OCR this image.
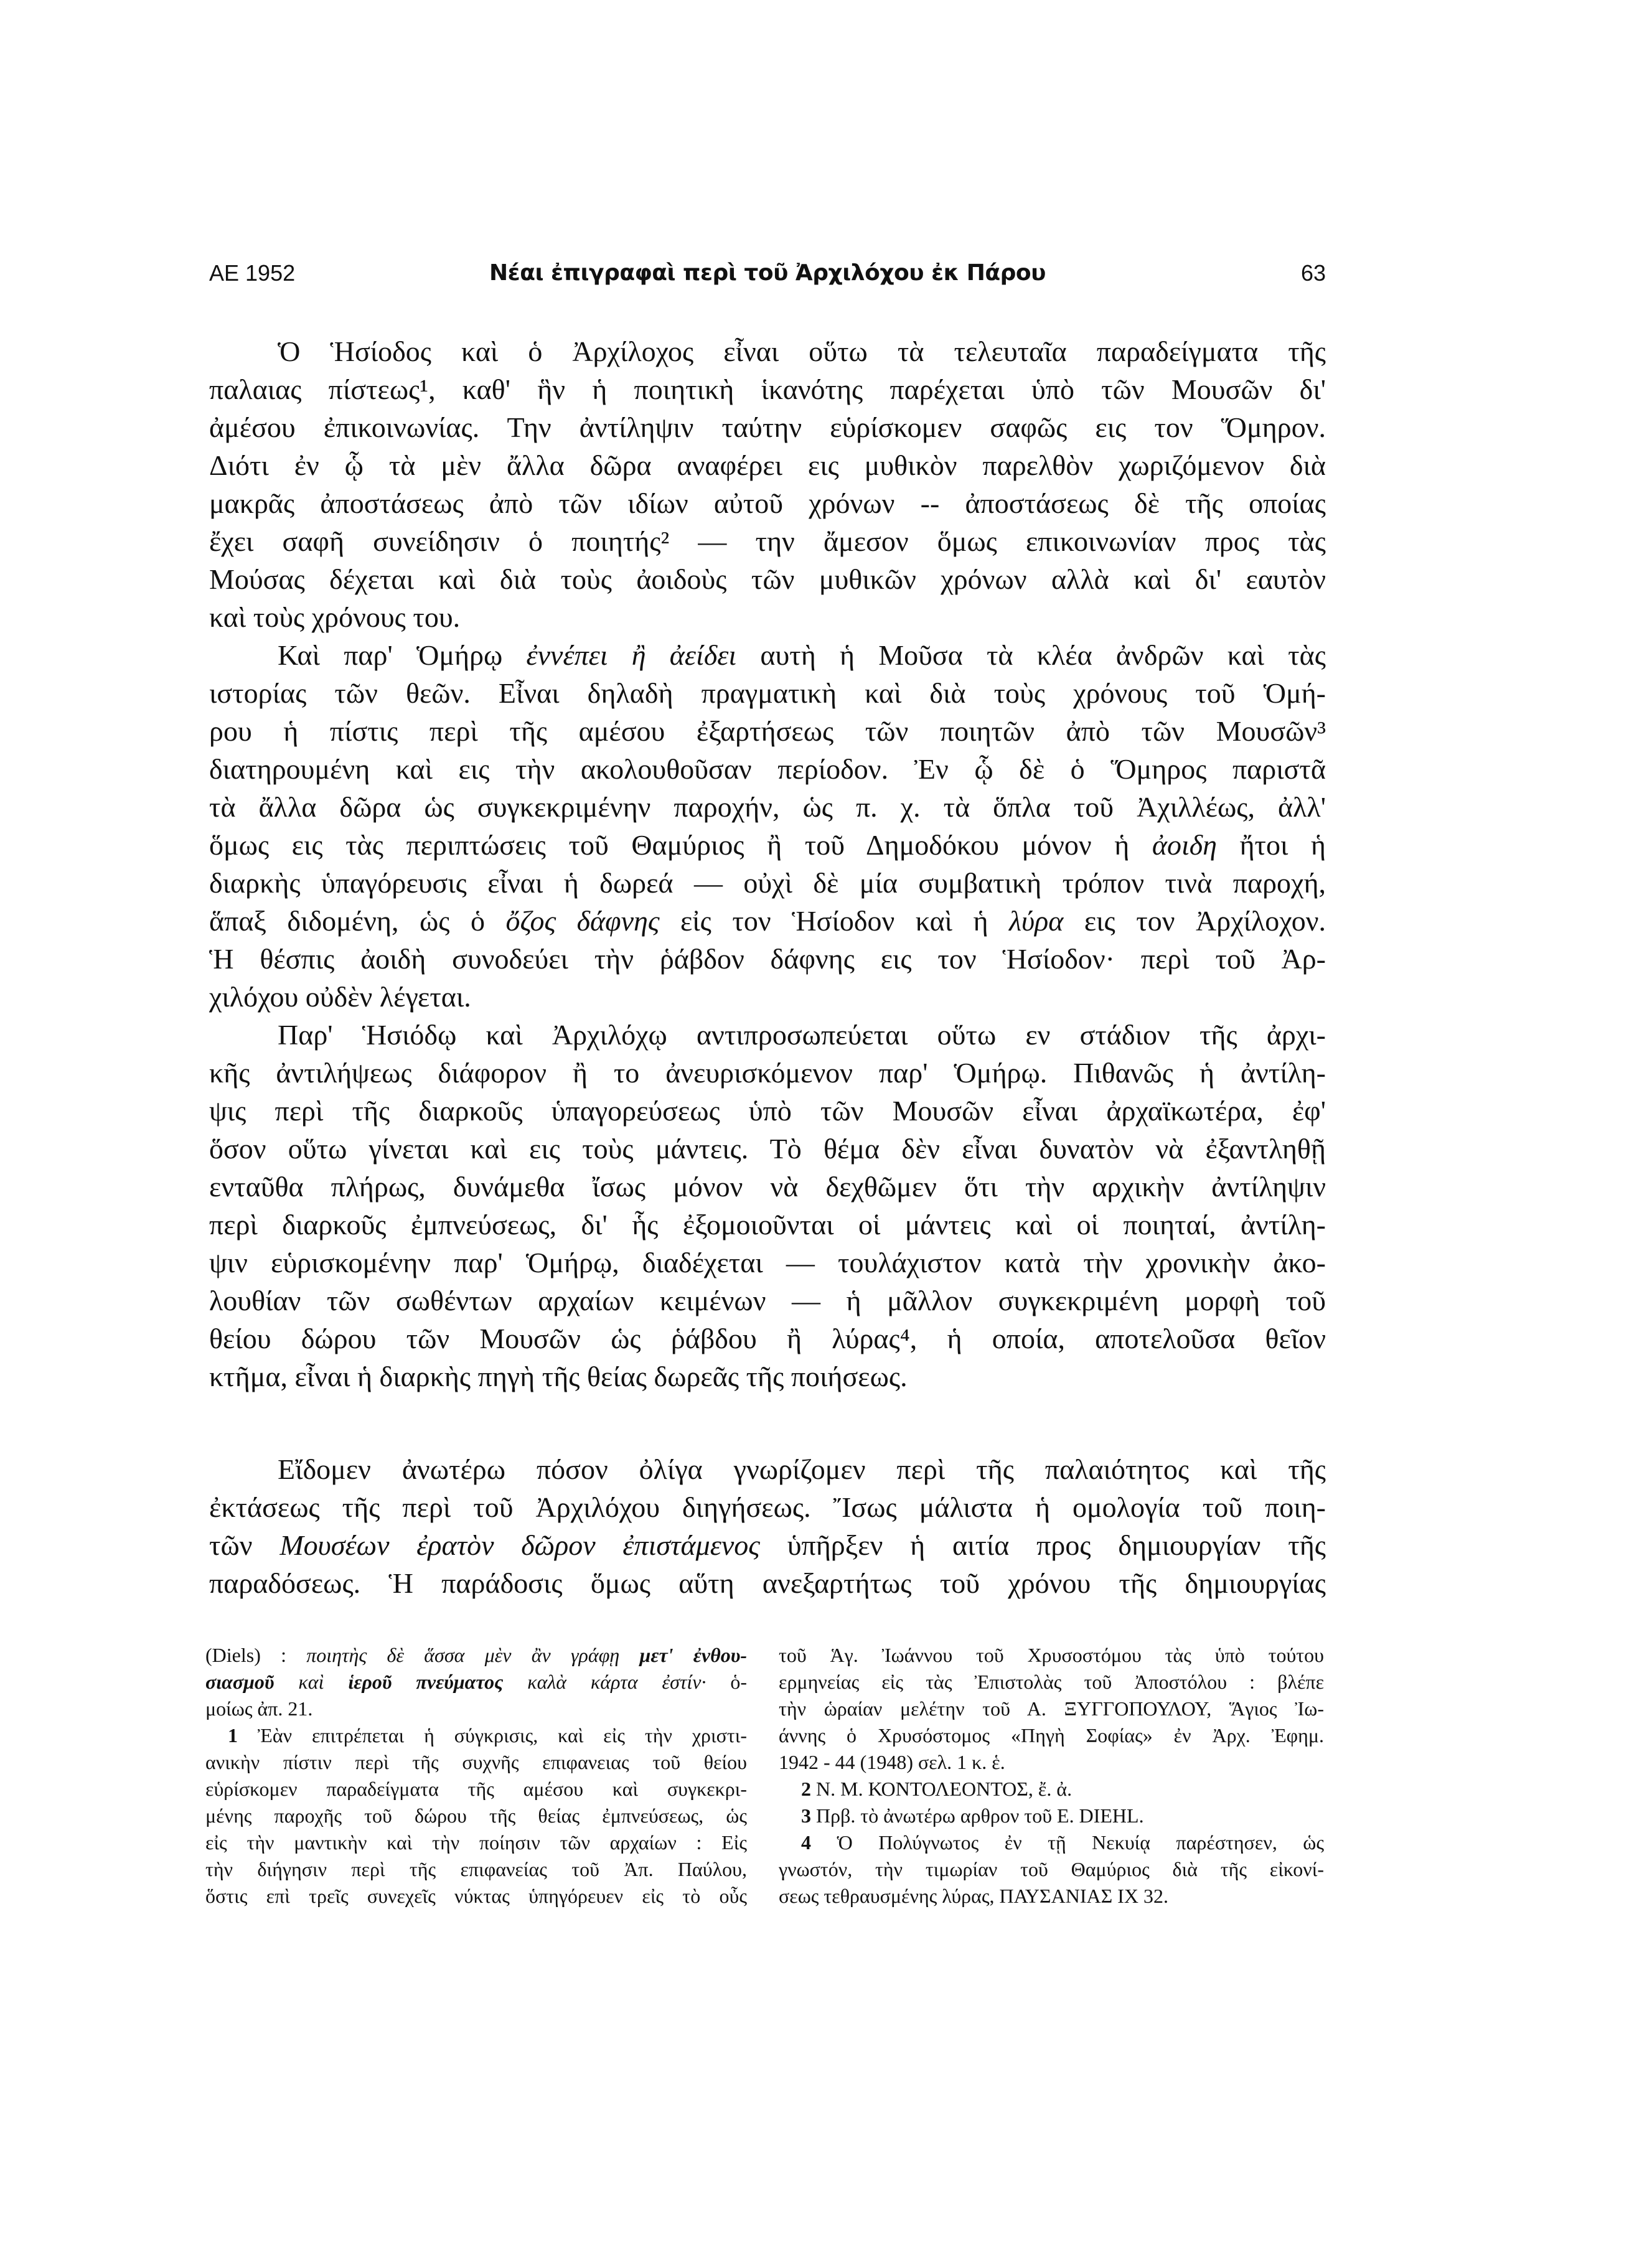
ΑΕ 1952	Νέαι ἐπιγραφαὶ περὶ τοῦ Ἀρχιλόχου ἐκ Πάρου	63
Ὁ Ἡσίοδος καὶ ὁ Ἀρχίλοχος εἶναι οὕτω τὰ τελευταῖα παραδείγματα τῆς
παλαιας πίστεως¹, καθ' ἣν ἡ ποιητικὴ ἱκανότης παρέχεται ὑπὸ τῶν Μουσῶν δι'
ἀμέσου ἐπικοινωνίας. Την ἀντίληψιν ταύτην εὑρίσκομεν σαφῶς εις τον Ὅμηρον.
Διότι ἐν ᾧ τὰ μὲν ἄλλα δῶρα αναφέρει εις μυθικὸν παρελθὸν χωριζόμενον διὰ
μακρᾶς ἀποστάσεως ἀπὸ τῶν ιδίων αὐτοῦ χρόνων -- ἀποστάσεως δὲ τῆς οποίας
ἔχει σαφῆ συνείδησιν ὁ ποιητής² — την ἄμεσον ὅμως επικοινωνίαν προς τὰς
Μούσας δέχεται καὶ διὰ τοὺς ἀοιδοὺς τῶν μυθικῶν χρόνων αλλὰ καὶ δι' εαυτὸν
καὶ τοὺς χρόνους του.
Καὶ παρ' Ὁμήρῳ ἐννέπει ἢ ἀείδει αυτὴ ἡ Μοῦσα τὰ κλέα ἀνδρῶν καὶ τὰς
ιστορίας τῶν θεῶν. Εἶναι δηλαδὴ πραγματικὴ καὶ διὰ τοὺς χρόνους τοῦ Ὁμή-
ρου ἡ πίστις περὶ τῆς αμέσου ἐξαρτήσεως τῶν ποιητῶν ἀπὸ τῶν Μουσῶν³
διατηρουμένη καὶ εις τὴν ακολουθοῦσαν περίοδον. Ἐν ᾧ δὲ ὁ Ὅμηρος παριστᾶ
τὰ ἄλλα δῶρα ὡς συγκεκριμένην παροχήν, ὡς π. χ. τὰ ὅπλα τοῦ Ἀχιλλέως, ἀλλ'
ὅμως εις τὰς περιπτώσεις τοῦ Θαμύριος ἢ τοῦ Δημοδόκου μόνον ἡ ἀοιδη ἤτοι ἡ
διαρκὴς ὑπαγόρευσις εἶναι ἡ δωρεά — οὐχὶ δὲ μία συμβατικὴ τρόπον τινὰ παροχή,
ἅπαξ διδομένη, ὡς ὁ ὄζος δάφνης εἰς τον Ἡσίοδον καὶ ἡ λύρα εις τον Ἀρχίλοχον.
Ἡ θέσπις ἀοιδὴ συνοδεύει τὴν ῥάβδον δάφνης εις τον Ἡσίοδον· περὶ τοῦ Ἀρ-
χιλόχου οὐδὲν λέγεται.
Παρ' Ἡσιόδῳ καὶ Ἀρχιλόχῳ αντιπροσωπεύεται οὕτω εν στάδιον τῆς ἀρχι-
κῆς ἀντιλήψεως διάφορον ἢ το ἀνευρισκόμενον παρ' Ὁμήρῳ. Πιθανῶς ἡ ἀντίλη-
ψις περὶ τῆς διαρκοῦς ὑπαγορεύσεως ὑπὸ τῶν Μουσῶν εἶναι ἀρχαϊκωτέρα, ἐφ'
ὅσον οὕτω γίνεται καὶ εις τοὺς μάντεις. Τὸ θέμα δὲν εἶναι δυνατὸν νὰ ἐξαντληθῇ
ενταῦθα πλήρως, δυνάμεθα ἴσως μόνον νὰ δεχθῶμεν ὅτι τὴν αρχικὴν ἀντίληψιν
περὶ διαρκοῦς ἐμπνεύσεως, δι' ἧς ἐξομοιοῦνται οἱ μάντεις καὶ οἱ ποιηταί, ἀντίλη-
ψιν εὑρισκομένην παρ' Ὁμήρῳ, διαδέχεται — τουλάχιστον κατὰ τὴν χρονικὴν ἀκο-
λουθίαν τῶν σωθέντων αρχαίων κειμένων — ἡ μᾶλλον συγκεκριμένη μορφὴ τοῦ
θείου δώρου τῶν Μουσῶν ὡς ῥάβδου ἢ λύρας⁴, ἡ οποία, αποτελοῦσα θεῖον
κτῆμα, εἶναι ἡ διαρκὴς πηγὴ τῆς θείας δωρεᾶς τῆς ποιήσεως.
Εἴδομεν ἀνωτέρω πόσον ὀλίγα γνωρίζομεν περὶ τῆς παλαιότητος καὶ τῆς
ἐκτάσεως τῆς περὶ τοῦ Ἀρχιλόχου διηγήσεως. Ἴσως μάλιστα ἡ ομολογία τοῦ ποιη-
τῶν Μουσέων ἐρατὸν δῶρον ἐπιστάμενος ὑπῆρξεν ἡ αιτία προς δημιουργίαν τῆς
παραδόσεως. Ἡ παράδοσις ὅμως αὕτη ανεξαρτήτως τοῦ χρόνου τῆς δημιουργίας
(Diels) : ποιητὴς δὲ ἅσσα μὲν ἂν γράφῃ μετ' ἐνθου-
σιασμοῦ καὶ ἱεροῦ πνεύματος καλὰ κάρτα ἐστίν· ὁ-
μοίως ἀπ. 21.
1 Ἐὰν επιτρέπεται ἡ σύγκρισις, καὶ εἰς τὴν χριστι-
ανικὴν πίστιν περὶ τῆς συχνῆς επιφανειας τοῦ θείου
εὑρίσκομεν παραδείγματα τῆς αμέσου καὶ συγκεκρι-
μένης παροχῆς τοῦ δώρου τῆς θείας ἐμπνεύσεως, ὡς
εἰς τὴν μαντικὴν καὶ τὴν ποίησιν τῶν αρχαίων : Εἰς
τὴν διήγησιν περὶ τῆς επιφανείας τοῦ Ἀπ. Παύλου,
ὅστις επὶ τρεῖς συνεχεῖς νύκτας ὑπηγόρευεν εἰς τὸ οὖς
τοῦ Ἁγ. Ἰωάννου τοῦ Χρυσοστόμου τὰς ὑπὸ τούτου
ερμηνείας εἰς τὰς Ἐπιστολὰς τοῦ Ἀποστόλου : βλέπε
τὴν ὡραίαν μελέτην τοῦ Α. ΞΥΓΓΟΠΟΥΛΟΥ, Ἅγιος Ἰω-
άννης ὁ Χρυσόστομος «Πηγὴ Σοφίας» ἐν Ἀρχ. Ἐφημ.
1942 - 44 (1948) σελ. 1 κ. ἑ.
2 Ν. Μ. ΚΟΝΤΟΛΕΟΝΤΟΣ, ἔ. ἀ.
3 Πρβ. τὸ ἀνωτέρω αρθρον τοῦ E. DIEHL.
4 Ὁ Πολύγνωτος ἐν τῇ Νεκυίᾳ παρέστησεν, ὡς
γνωστόν, τὴν τιμωρίαν τοῦ Θαμύριος διὰ τῆς εἰκονί-
σεως τεθραυσμένης λύρας, ΠΑΥΣΑΝΙΑΣ IX 32.
